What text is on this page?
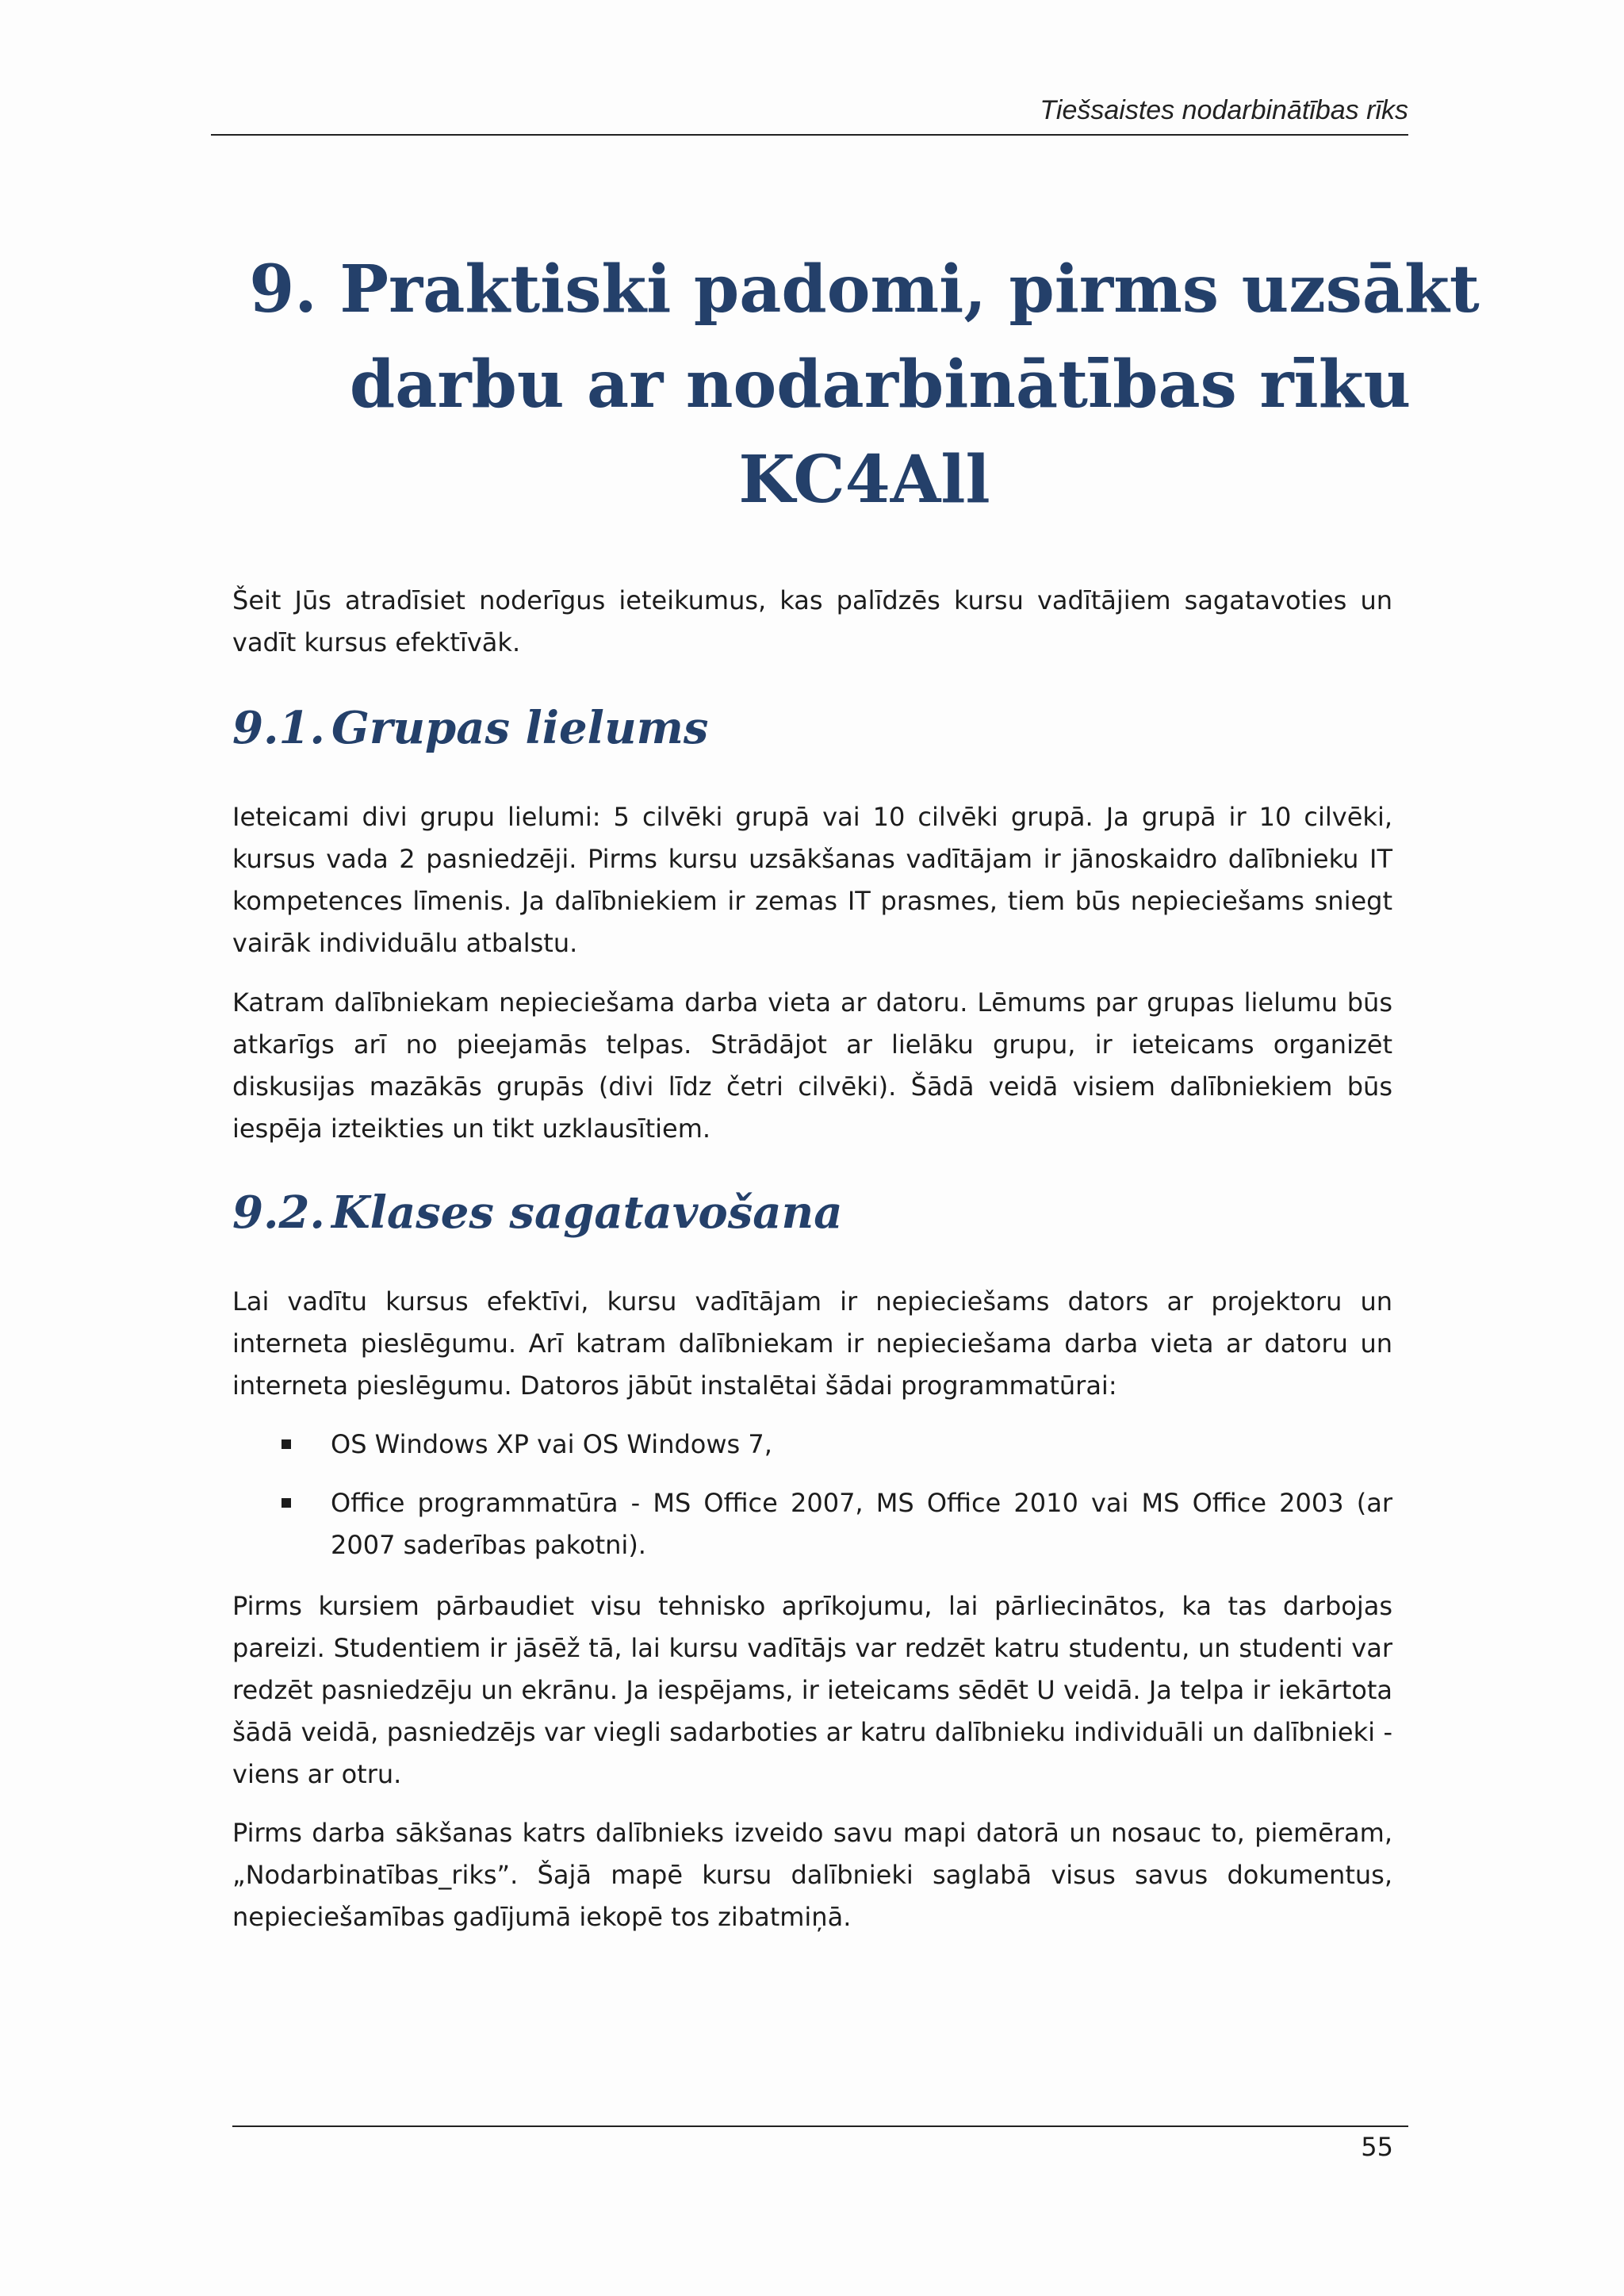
Tiešsaistes nodarbinātības rīks
9. Praktiski padomi, pirms uzsākt
darbu ar nodarbinātības rīku
KC4All

Šeit Jūs atradīsiet noderīgus ieteikumus, kas palīdzēs kursu vadītājiem sagatavoties un vadīt kursus efektīvāk.

9.1. Grupas lielums

Ieteicami divi grupu lielumi: 5 cilvēki grupā vai 10 cilvēki grupā. Ja grupā ir 10 cilvēki, kursus vada 2 pasniedzēji. Pirms kursu uzsākšanas vadītājam ir jānoskaidro dalībnieku IT kompetences līmenis. Ja dalībniekiem ir zemas IT prasmes, tiem būs nepieciešams sniegt vairāk individuālu atbalstu.

Katram dalībniekam nepieciešama darba vieta ar datoru. Lēmums par grupas lielumu būs atkarīgs arī no pieejamās telpas. Strādājot ar lielāku grupu, ir ieteicams organizēt diskusijas mazākās grupās (divi līdz četri cilvēki). Šādā veidā visiem dalībniekiem būs iespēja izteikties un tikt uzklausītiem.

9.2. Klases sagatavošana

Lai vadītu kursus efektīvi, kursu vadītājam ir nepieciešams dators ar projektoru un interneta pieslēgumu. Arī katram dalībniekam ir nepieciešama darba vieta ar datoru un interneta pieslēgumu. Datoros jābūt instalētai šādai programmatūrai:

OS Windows XP vai OS Windows 7,
Office programmatūra - MS Office 2007, MS Office 2010 vai MS Office 2003 (ar 2007 saderības pakotni).

Pirms kursiem pārbaudiet visu tehnisko aprīkojumu, lai pārliecinātos, ka tas darbojas pareizi. Studentiem ir jāsēž tā, lai kursu vadītājs var redzēt katru studentu, un studenti var redzēt pasniedzēju un ekrānu. Ja iespējams, ir ieteicams sēdēt U veidā. Ja telpa ir iekārtota šādā veidā, pasniedzējs var viegli sadarboties ar katru dalībnieku individuāli un dalībnieki - viens ar otru.

Pirms darba sākšanas katrs dalībnieks izveido savu mapi datorā un nosauc to, piemēram, „Nodarbinatības_riks”. Šajā mapē kursu dalībnieki saglabā visus savus dokumentus, nepieciešamības gadījumā iekopē tos zibatmiņā.

55
